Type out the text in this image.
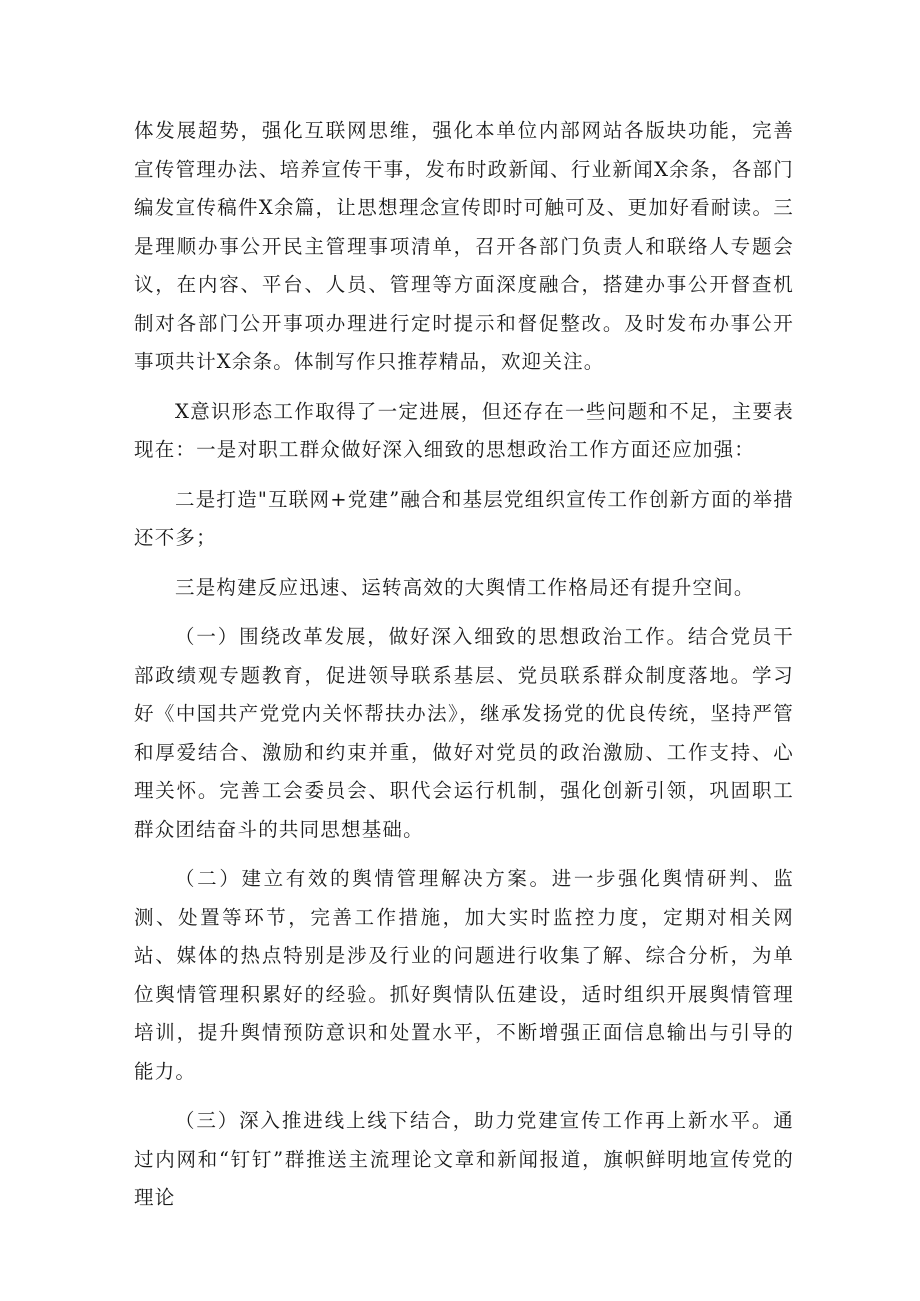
体发展超势，强化互联网思维，强化本单位内部网站各版块功能，完善宣传管理办法、培养宣传干事，发布时政新闻、行业新闻X余条，各部门编发宣传稿件X余篇，让思想理念宣传即时可触可及、更加好看耐读。三是理顺办事公开民主管理事项清单，召开各部门负责人和联络人专题会议，在内容、平台、人员、管理等方面深度融合，搭建办事公开督查机制对各部门公开事项办理进行定时提示和督促整改。及时发布办事公开事项共计X余条。体制写作只推荐精品，欢迎关注。

X意识形态工作取得了一定进展，但还存在一些问题和不足，主要表现在：一是对职工群众做好深入细致的思想政治工作方面还应加强：

二是打造"互联网+党建”融合和基层党组织宣传工作创新方面的举措还不多；

三是构建反应迅速、运转高效的大舆情工作格局还有提升空间。

（一）围绕改革发展，做好深入细致的思想政治工作。结合党员干部政绩观专题教育，促进领导联系基层、党员联系群众制度落地。学习好《中国共产党党内关怀帮扶办法》，继承发扬党的优良传统，坚持严管和厚爱结合、激励和约束并重，做好对党员的政治激励、工作支持、心理关怀。完善工会委员会、职代会运行机制，强化创新引领，巩固职工群众团结奋斗的共同思想基础。

（二）建立有效的舆情管理解决方案。进一步强化舆情研判、监测、处置等环节，完善工作措施，加大实时监控力度，定期对相关网站、媒体的热点特别是涉及行业的问题进行收集了解、综合分析，为单位舆情管理积累好的经验。抓好舆情队伍建设，适时组织开展舆情管理培训，提升舆情预防意识和处置水平，不断增强正面信息输出与引导的能力。

（三）深入推进线上线下结合，助力党建宣传工作再上新水平。通过内网和“钉钉”群推送主流理论文章和新闻报道，旗帜鲜明地宣传党的理论
